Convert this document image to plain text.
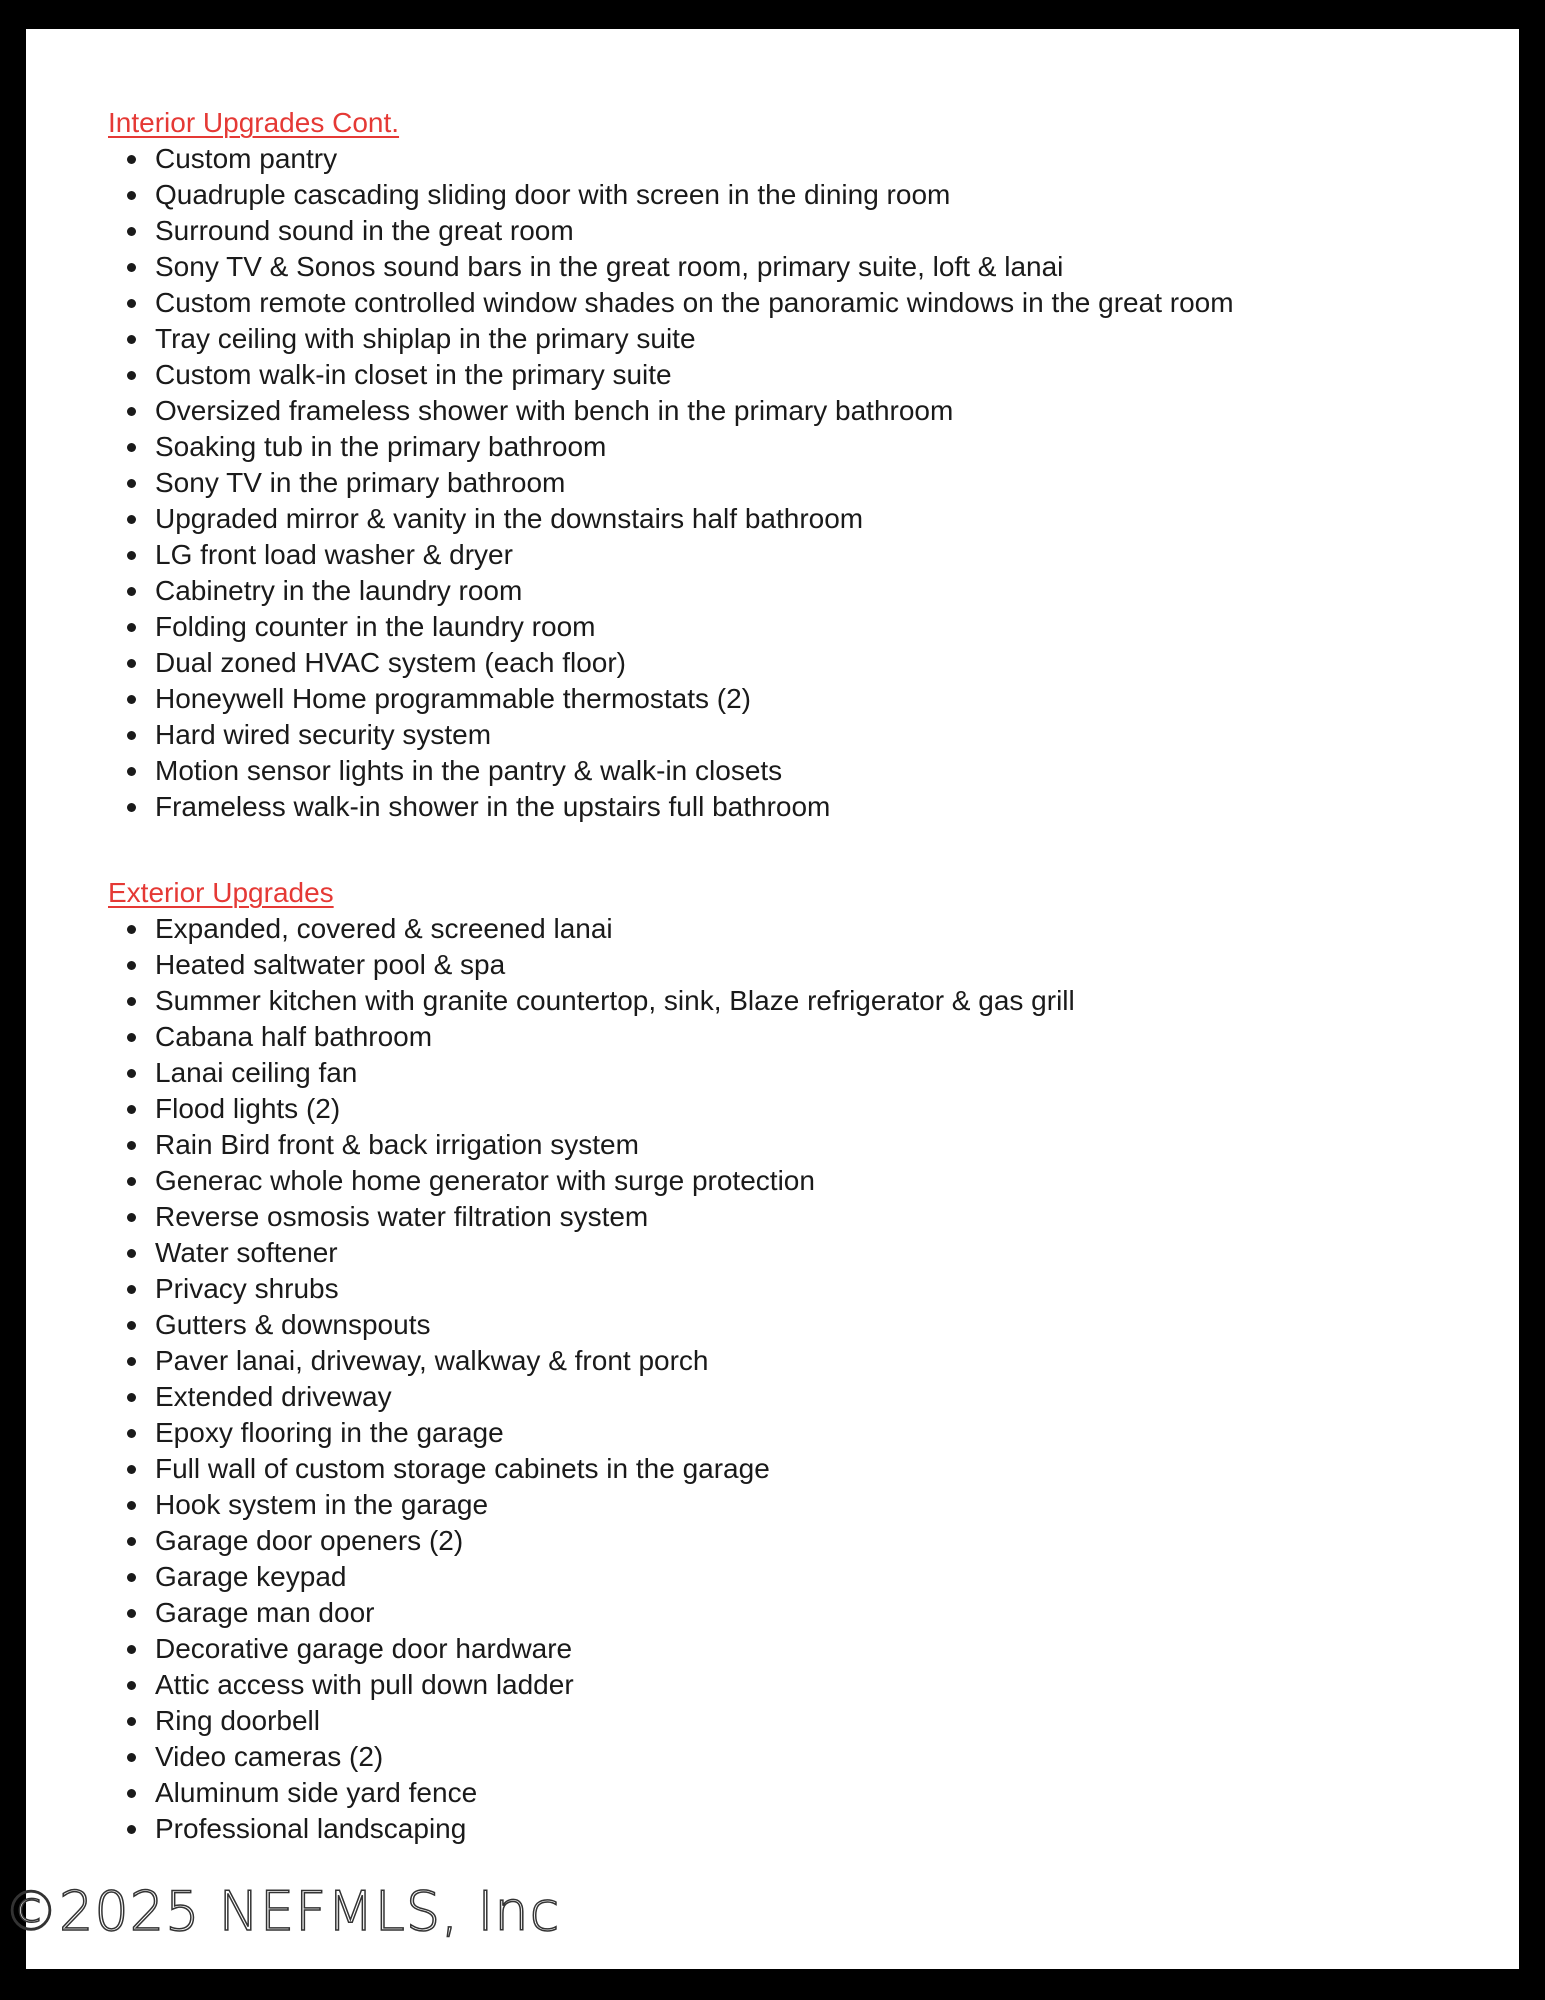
Interior Upgrades Cont.
Custom pantry
Quadruple cascading sliding door with screen in the dining room
Surround sound in the great room
Sony TV & Sonos sound bars in the great room, primary suite, loft & lanai
Custom remote controlled window shades on the panoramic windows in the great room
Tray ceiling with shiplap in the primary suite
Custom walk-in closet in the primary suite
Oversized frameless shower with bench in the primary bathroom
Soaking tub in the primary bathroom
Sony TV in the primary bathroom
Upgraded mirror & vanity in the downstairs half bathroom
LG front load washer & dryer
Cabinetry in the laundry room
Folding counter in the laundry room
Dual zoned HVAC system (each floor)
Honeywell Home programmable thermostats (2)
Hard wired security system
Motion sensor lights in the pantry & walk-in closets
Frameless walk-in shower in the upstairs full bathroom
Exterior Upgrades
Expanded, covered & screened lanai
Heated saltwater pool & spa
Summer kitchen with granite countertop, sink, Blaze refrigerator & gas grill
Cabana half bathroom
Lanai ceiling fan
Flood lights (2)
Rain Bird front & back irrigation system
Generac whole home generator with surge protection
Reverse osmosis water filtration system
Water softener
Privacy shrubs
Gutters & downspouts
Paver lanai, driveway, walkway & front porch
Extended driveway
Epoxy flooring in the garage
Full wall of custom storage cabinets in the garage
Hook system in the garage
Garage door openers (2)
Garage keypad
Garage man door
Decorative garage door hardware
Attic access with pull down ladder
Ring doorbell
Video cameras (2)
Aluminum side yard fence
Professional landscaping
©2025 NEFMLS, Inc
